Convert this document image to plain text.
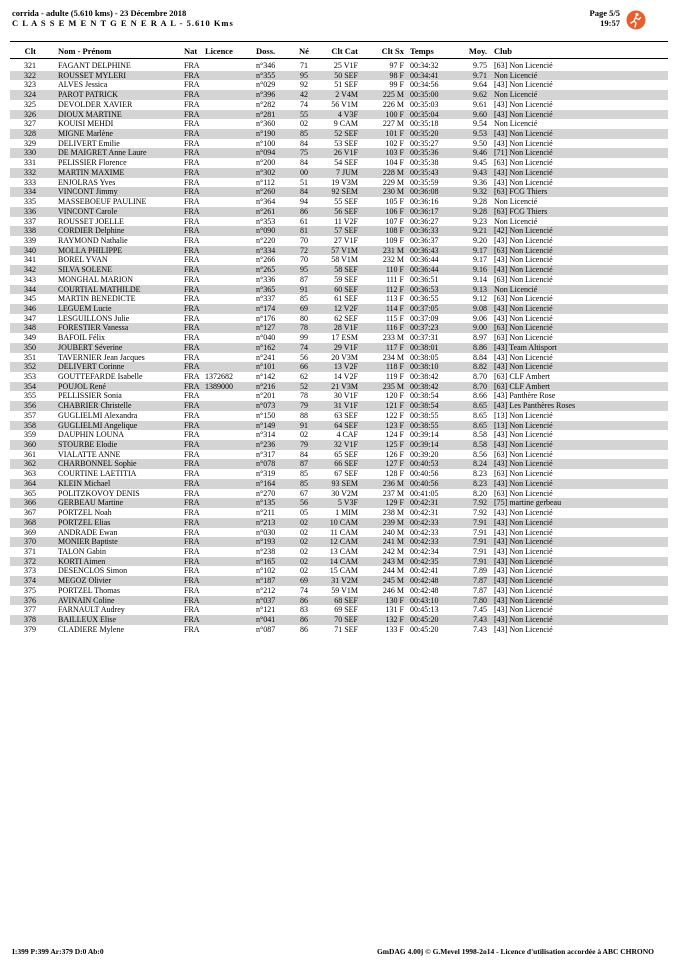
corrida - adulte (5.610 kms) - 23 Décembre 2018
C L A S S E M E N T G E N E R A L - 5.610 Kms
Page 5/5
19:57
Clt	Nom - Prénom	Nat Licence	Doss.	Né	Clt Cat	Clt Sx Temps	Moy. Club
321	FAGANT DELPHINE	FRA	n°346	71	25 V1F	97 F 00:34:32	9.75 [63] Non Licencié
322	ROUSSET MYLERI	FRA	n°355	95	50 SEF	98 F 00:34:41	9.71 Non Licencié
323	ALVES Jessica	FRA	n°029	92	51 SEF	99 F 00:34:56	9.64 [43] Non Licencié
324	PAROT PATRICK	FRA	n°396	42	2 V4M	225 M 00:35:00	9.62 Non Licencié
325	DEVOLDER XAVIER	FRA	n°282	74	56 V1M	226 M 00:35:03	9.61 [43] Non Licencié
326	DIOUX MARTINE	FRA	n°281	55	4 V3F	100 F 00:35:04	9.60 [43] Non Licencié
327	KOUISI MEHDI	FRA	n°360	02	9 CAM	227 M 00:35:18	9.54 Non Licencié
328	MIGNE Marlène	FRA	n°190	85	52 SEF	101 F 00:35:20	9.53 [43] Non Licencié
329	DELIVERT Emilie	FRA	n°100	84	53 SEF	102 F 00:35:27	9.50 [43] Non Licencié
330	DE MAIGRET Anne Laure	FRA	n°094	75	26 V1F	103 F 00:35:36	9.46 [71] Non Licencié
331	PELISSIER Florence	FRA	n°200	84	54 SEF	104 F 00:35:38	9.45 [63] Non Licencié
332	MARTIN MAXIME	FRA	n°302	00	7 JUM	228 M 00:35:43	9.43 [43] Non Licencié
333	ENJOLRAS Yves	FRA	n°112	51	19 V3M	229 M 00:35:59	9.36 [43] Non Licencié
334	VINCONT Jimmy	FRA	n°260	84	92 SEM	230 M 00:36:08	9.32 [63] FCG Thiers
335	MASSEBOEUF PAULINE	FRA	n°364	94	55 SEF	105 F 00:36:16	9.28 Non Licencié
336	VINCONT Carole	FRA	n°261	86	56 SEF	106 F 00:36:17	9.28 [63] FCG Thiers
337	ROUSSET JOELLE	FRA	n°353	61	11 V2F	107 F 00:36:27	9.23 Non Licencié
338	CORDIER Delphine	FRA	n°090	81	57 SEF	108 F 00:36:33	9.21 [42] Non Licencié
339	RAYMOND Nathalie	FRA	n°220	70	27 V1F	109 F 00:36:37	9.20 [43] Non Licencié
340	MOLLA PHILIPPE	FRA	n°334	72	57 V1M	231 M 00:36:43	9.17 [63] Non Licencié
341	BOREL YVAN	FRA	n°266	70	58 V1M	232 M 00:36:44	9.17 [43] Non Licencié
342	SILVA SOLENE	FRA	n°265	95	58 SEF	110 F 00:36:44	9.16 [43] Non Licencié
343	MONGHAL MARION	FRA	n°336	87	59 SEF	111 F 00:36:51	9.14 [63] Non Licencié
344	COURTIAL MATHILDE	FRA	n°365	91	60 SEF	112 F 00:36:53	9.13 Non Licencié
345	MARTIN BENEDICTE	FRA	n°337	85	61 SEF	113 F 00:36:55	9.12 [63] Non Licencié
346	LEGUEM Lucie	FRA	n°174	69	12 V2F	114 F 00:37:05	9.08 [43] Non Licencié
347	LESGUILLONS Julie	FRA	n°176	80	62 SEF	115 F 00:37:09	9.06 [43] Non Licencié
348	FORESTIER Vanessa	FRA	n°127	78	28 V1F	116 F 00:37:23	9.00 [63] Non Licencié
349	BAFOIL Félix	FRA	n°040	99	17 ESM	233 M 00:37:31	8.97 [63] Non Licencié
350	JOUBERT Séverine	FRA	n°162	74	29 V1F	117 F 00:38:01	8.86 [43] Team Altisport
351	TAVERNIER Jean Jacques	FRA	n°241	56	20 V3M	234 M 00:38:05	8.84 [43] Non Licencié
352	DELIVERT Corinne	FRA	n°101	66	13 V2F	118 F 00:38:10	8.82 [43] Non Licencié
353	GOUTTEFARDE Isabelle	FRA 1372682	n°142	62	14 V2F	119 F 00:38:42	8.70 [63] CLF Ambert
354	POUJOL René	FRA 1389000	n°216	52	21 V3M	235 M 00:38:42	8.70 [63] CLF Ambert
355	PELLISSIER Sonia	FRA	n°201	78	30 V1F	120 F 00:38:54	8.66 [43] Panthère Rose
356	CHABRIER Christelle	FRA	n°073	79	31 V1F	121 F 00:38:54	8.65 [43] Les Panthères Roses
357	GUGLIELMI Alexandra	FRA	n°150	88	63 SEF	122 F 00:38:55	8.65 [13] Non Licencié
358	GUGLIELMI Angelique	FRA	n°149	91	64 SEF	123 F 00:38:55	8.65 [13] Non Licencié
359	DAUPHIN LOUNA	FRA	n°314	02	4 CAF	124 F 00:39:14	8.58 [43] Non Licencié
360	STOURBE Elodie	FRA	n°236	79	32 V1F	125 F 00:39:14	8.58 [43] Non Licencié
361	VIALATTE ANNE	FRA	n°317	84	65 SEF	126 F 00:39:20	8.56 [63] Non Licencié
362	CHARBONNEL Sophie	FRA	n°078	87	66 SEF	127 F 00:40:53	8.24 [43] Non Licencié
363	COURTINE LAETITIA	FRA	n°319	85	67 SEF	128 F 00:40:56	8.23 [63] Non Licencié
364	KLEIN Michael	FRA	n°164	85	93 SEM	236 M 00:40:56	8.23 [43] Non Licencié
365	POLITZKOVOY DENIS	FRA	n°270	67	30 V2M	237 M 00:41:05	8.20 [63] Non Licencié
366	GERBEAU Martine	FRA	n°135	56	5 V3F	129 F 00:42:31	7.92 [75] martine gerbeau
367	PORTZEL Noah	FRA	n°211	05	1 MIM	238 M 00:42:31	7.92 [43] Non Licencié
368	PORTZEL Elias	FRA	n°213	02	10 CAM	239 M 00:42:33	7.91 [43] Non Licencié
369	ANDRADE Ewan	FRA	n°030	02	11 CAM	240 M 00:42:33	7.91 [43] Non Licencié
370	MONIER Baptiste	FRA	n°193	02	12 CAM	241 M 00:42:33	7.91 [43] Non Licencié
371	TALON Gabin	FRA	n°238	02	13 CAM	242 M 00:42:34	7.91 [43] Non Licencié
372	KORTI Aimen	FRA	n°165	02	14 CAM	243 M 00:42:35	7.91 [43] Non Licencié
373	DESENCLOS Simon	FRA	n°102	02	15 CAM	244 M 00:42:41	7.89 [43] Non Licencié
374	MEGOZ Olivier	FRA	n°187	69	31 V2M	245 M 00:42:48	7.87 [43] Non Licencié
375	PORTZEL Thomas	FRA	n°212	74	59 V1M	246 M 00:42:48	7.87 [43] Non Licencié
376	AVINAIN Coline	FRA	n°037	86	68 SEF	130 F 00:43:10	7.80 [43] Non Licencié
377	FARNAULT Audrey	FRA	n°121	83	69 SEF	131 F 00:45:13	7.45 [43] Non Licencié
378	BAILLEUX Elise	FRA	n°041	86	70 SEF	132 F 00:45:20	7.43 [43] Non Licencié
379	CLADIERE Mylene	FRA	n°087	86	71 SEF	133 F 00:45:20	7.43 [43] Non Licencié
I:399 P:399 Ar:379 D:0 Ab:0	GmDAG 4.00j © G.Mevel 1998-2o14 - Licence d'utilisation accordée à ABC CHRONO
